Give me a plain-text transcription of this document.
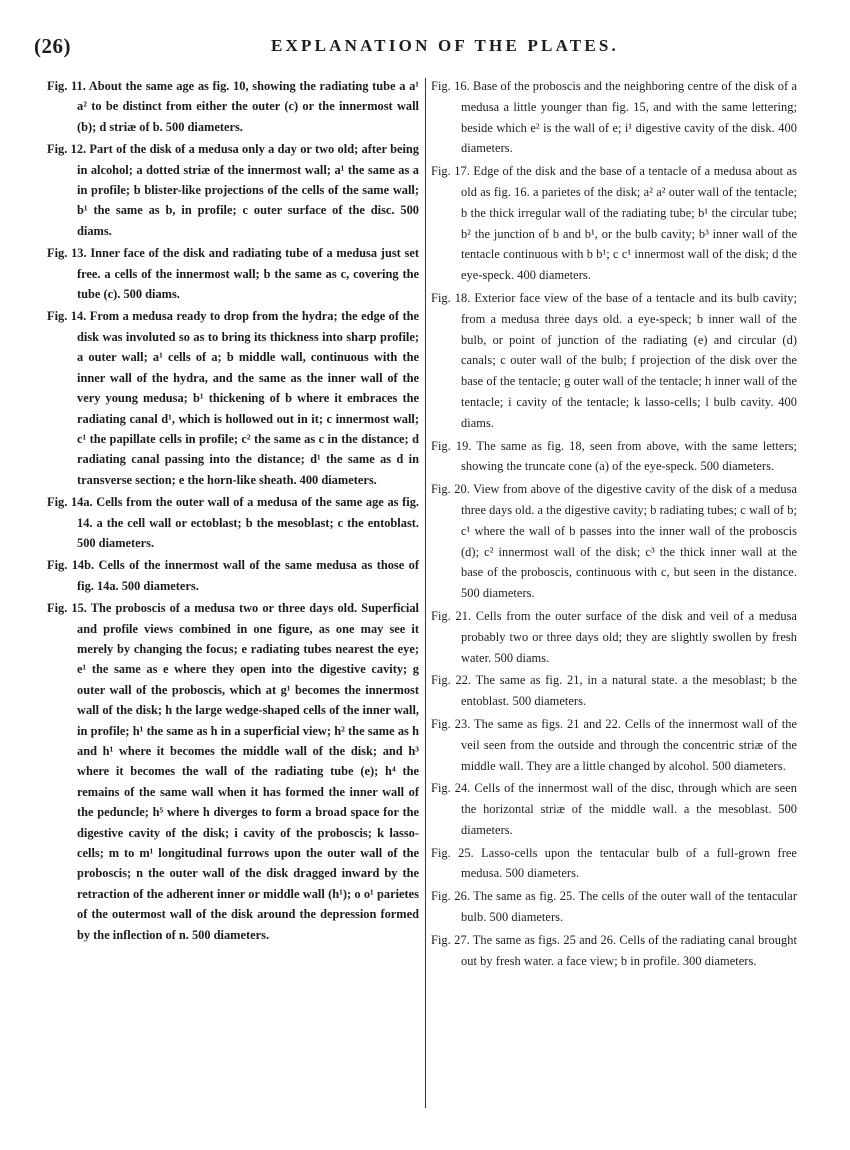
(26)	EXPLANATION OF THE PLATES.

Fig. 11. About the same age as fig. 10, showing the radiating tube a a¹ a² to be distinct from either the outer (c) or the innermost wall (b); d striæ of b. 500 diameters.

Fig. 12. Part of the disk of a medusa only a day or two old; after being in alcohol; a dotted striæ of the innermost wall; a¹ the same as a in profile; b blister-like projections of the cells of the same wall; b¹ the same as b, in profile; c outer surface of the disc. 500 diams.

Fig. 13. Inner face of the disk and radiating tube of a medusa just set free. a cells of the innermost wall; b the same as c, covering the tube (c). 500 diams.

Fig. 14. From a medusa ready to drop from the hydra; the edge of the disk was involuted so as to bring its thickness into sharp profile; a outer wall; a¹ cells of a; b middle wall, continuous with the inner wall of the hydra, and the same as the inner wall of the very young medusa; b¹ thickening of b where it embraces the radiating canal d¹, which is hollowed out in it; c innermost wall; c¹ the papillate cells in profile; c² the same as c in the distance; d radiating canal passing into the distance; d¹ the same as d in transverse section; e the horn-like sheath. 400 diameters.

Fig. 14a. Cells from the outer wall of a medusa of the same age as fig. 14. a the cell wall or ectoblast; b the mesoblast; c the entoblast. 500 diameters.

Fig. 14b. Cells of the innermost wall of the same medusa as those of fig. 14a. 500 diameters.

Fig. 15. The proboscis of a medusa two or three days old. Superficial and profile views combined in one figure, as one may see it merely by changing the focus; e radiating tubes nearest the eye; e¹ the same as e where they open into the digestive cavity; g outer wall of the proboscis, which at g¹ becomes the innermost wall of the disk; h the large wedge-shaped cells of the inner wall, in profile; h¹ the same as h in a superficial view; h² the same as h and h¹ where it becomes the middle wall of the disk; and h³ where it becomes the wall of the radiating tube (e); h⁴ the remains of the same wall when it has formed the inner wall of the peduncle; h⁵ where h diverges to form a broad space for the digestive cavity of the disk; i cavity of the proboscis; k lasso-cells; m to m¹ longitudinal furrows upon the outer wall of the proboscis; n the outer wall of the disk dragged inward by the retraction of the adherent inner or middle wall (h¹); o o¹ parietes of the outermost wall of the disk around the depression formed by the inflection of n. 500 diameters.

Fig. 16. Base of the proboscis and the neighboring centre of the disk of a medusa a little younger than fig. 15, and with the same lettering; beside which e² is the wall of e; i¹ digestive cavity of the disk. 400 diameters.

Fig. 17. Edge of the disk and the base of a tentacle of a medusa about as old as fig. 16. a parietes of the disk; a² a² outer wall of the tentacle; b the thick irregular wall of the radiating tube; b¹ the circular tube; b² the junction of b and b¹, or the bulb cavity; b³ inner wall of the tentacle continuous with b b¹; c c¹ innermost wall of the disk; d the eye-speck. 400 diameters.

Fig. 18. Exterior face view of the base of a tentacle and its bulb cavity; from a medusa three days old. a eye-speck; b inner wall of the bulb, or point of junction of the radiating (e) and circular (d) canals; c outer wall of the bulb; f projection of the disk over the base of the tentacle; g outer wall of the tentacle; h inner wall of the tentacle; i cavity of the tentacle; k lasso-cells; l bulb cavity. 400 diams.

Fig. 19. The same as fig. 18, seen from above, with the same letters; showing the truncate cone (a) of the eye-speck. 500 diameters.

Fig. 20. View from above of the digestive cavity of the disk of a medusa three days old. a the digestive cavity; b radiating tubes; c wall of b; c¹ where the wall of b passes into the inner wall of the proboscis (d); c² innermost wall of the disk; c³ the thick inner wall at the base of the proboscis, continuous with c, but seen in the distance. 500 diameters.

Fig. 21. Cells from the outer surface of the disk and veil of a medusa probably two or three days old; they are slightly swollen by fresh water. 500 diams.

Fig. 22. The same as fig. 21, in a natural state. a the mesoblast; b the entoblast. 500 diameters.

Fig. 23. The same as figs. 21 and 22. Cells of the innermost wall of the veil seen from the outside and through the concentric striæ of the middle wall. They are a little changed by alcohol. 500 diameters.

Fig. 24. Cells of the innermost wall of the disc, through which are seen the horizontal striæ of the middle wall. a the mesoblast. 500 diameters.

Fig. 25. Lasso-cells upon the tentacular bulb of a full-grown free medusa. 500 diameters.

Fig. 26. The same as fig. 25. The cells of the outer wall of the tentacular bulb. 500 diameters.

Fig. 27. The same as figs. 25 and 26. Cells of the radiating canal brought out by fresh water. a face view; b in profile. 300 diameters.
